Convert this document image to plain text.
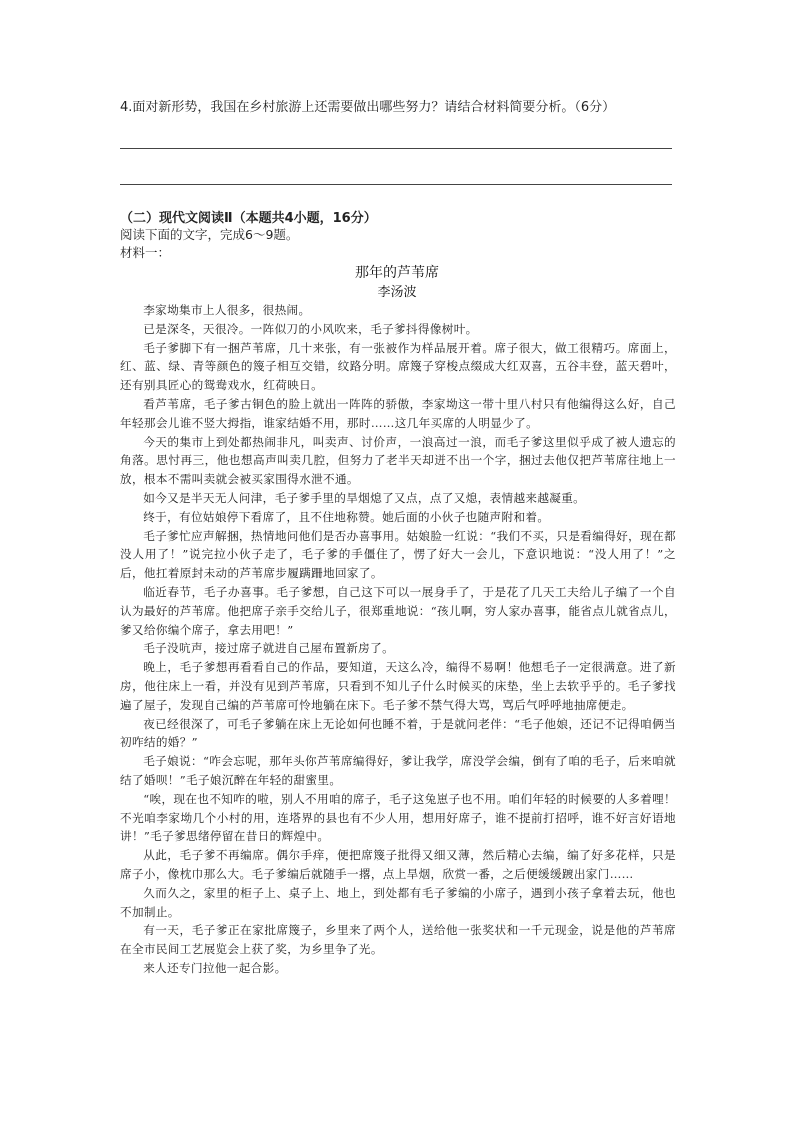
4.面对新形势，我国在乡村旅游上还需要做出哪些努力？请结合材料简要分析。（6分）
（二）现代文阅读Ⅱ（本题共4小题，16分）
阅读下面的文字，完成6～9题。
材料一：
那年的芦苇席
李汤波

李家坳集市上人很多，很热闹。

已是深冬，天很冷。一阵似刀的小风吹来，毛子爹抖得像树叶。

毛子爹脚下有一捆芦苇席，几十来张，有一张被作为样品展开着。席子很大，做工很精巧。席面上，红、蓝、绿、青等颜色的篾子相互交错，纹路分明。席篾子穿梭点缀成大红双喜，五谷丰登，蓝天碧叶，还有别具匠心的鸳鸯戏水，红荷映日。

看芦苇席，毛子爹古铜色的脸上就出一阵阵的骄傲，李家坳这一带十里八村只有他编得这么好，自己年轻那会儿谁不竖大拇指，谁家结婚不用，那时……这几年买席的人明显少了。

今天的集市上到处都热闹非凡，叫卖声、讨价声，一浪高过一浪，而毛子爹这里似乎成了被人遗忘的角落。思忖再三，他也想高声叫卖几腔，但努力了老半天却迸不出一个字，捆过去他仅把芦苇席往地上一放，根本不需叫卖就会被买家围得水泄不通。

如今又是半天无人问津，毛子爹手里的旱烟熄了又点，点了又熄，表情越来越凝重。

终于，有位姑娘停下看席了，且不住地称赞。她后面的小伙子也随声附和着。

毛子爹忙应声解捆，热情地问他们是否办喜事用。姑娘脸一红说：“我们不买，只是看编得好，现在都没人用了！”说完拉小伙子走了，毛子爹的手僵住了，愣了好大一会儿，下意识地说：“没人用了！”之后，他扛着原封未动的芦苇席步履蹒跚地回家了。

临近春节，毛子办喜事。毛子爹想，自己这下可以一展身手了，于是花了几天工夫给儿子编了一个自认为最好的芦苇席。他把席子亲手交给儿子，很郑重地说：“孩儿啊，穷人家办喜事，能省点儿就省点儿，爹又给你编个席子，拿去用吧！”

毛子没吭声，接过席子就进自己屋布置新房了。

晚上，毛子爹想再看看自己的作品，要知道，天这么冷，编得不易啊！他想毛子一定很满意。进了新房，他往床上一看，并没有见到芦苇席，只看到不知儿子什么时候买的床垫，坐上去软乎乎的。毛子爹找遍了屋子，发现自己编的芦苇席可怜地躺在床下。毛子爹不禁气得大骂，骂后气呼呼地抽席便走。

夜已经很深了，可毛子爹躺在床上无论如何也睡不着，于是就问老伴：“毛子他娘，还记不记得咱俩当初咋结的婚？”

毛子娘说：“咋会忘呢，那年头你芦苇席编得好，爹让我学，席没学会编，倒有了咱的毛子，后来咱就结了婚呗！”毛子娘沉醉在年轻的甜蜜里。

“唉，现在也不知咋的啦，别人不用咱的席子，毛子这兔崽子也不用。咱们年轻的时候要的人多着哩！不光咱李家坳几个小村的用，连塔界的县也有不少人用，想用好席子，谁不提前打招呼，谁不好言好语地讲！”毛子爹思绪停留在昔日的辉煌中。

从此，毛子爹不再编席。偶尔手痒，便把席篾子批得又细又薄，然后精心去编，编了好多花样，只是席子小，像枕巾那么大。毛子爹编后就随手一撂，点上旱烟，欣赏一番，之后便缓缓踱出家门……

久而久之，家里的柜子上、桌子上、地上，到处都有毛子爹编的小席子，遇到小孩子拿着去玩，他也不加制止。

有一天，毛子爹正在家批席篾子，乡里来了两个人，送给他一张奖状和一千元现金，说是他的芦苇席在全市民间工艺展览会上获了奖，为乡里争了光。

来人还专门拉他一起合影。
